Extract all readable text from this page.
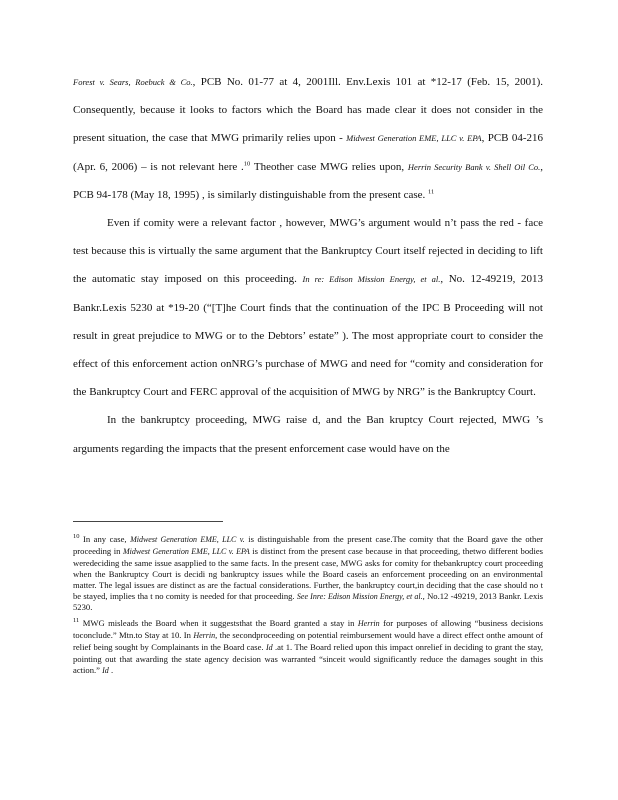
Forest v. Sears, Roebuck & Co., PCB No. 01-77 at 4, 2001Ill. Env.Lexis 101 at *12-17 (Feb. 15, 2001). Consequently, because it looks to factors which the Board has made clear it does not consider in the present situation, the case that MWG primarily relies upon - Midwest Generation EME, LLC v. EPA, PCB 04-216 (Apr. 6, 2006) – is not relevant here .$^{10}$ Theother case MWG relies upon, Herrin Security Bank v. Shell Oil Co., PCB 94-178 (May 18, 1995) , is similarly distinguishable from the present case. $^{11}$

Even if comity were a relevant factor , however, MWG’s argument would n’t pass the red - face test because this is virtually the same argument that the Bankruptcy Court itself rejected in deciding to lift the automatic stay imposed on this proceeding. In re: Edison Mission Energy, et al., No. 12-49219, 2013 Bankr.Lexis 5230 at *19-20 (“[T]he Court finds that the continuation of the IPC B Proceeding will not result in great prejudice to MWG or to the Debtors’ estate” ). The most appropriate court to consider the effect of this enforcement action onNRG’s purchase of MWG and need for “comity and consideration for the Bankruptcy Court and FERC approval of the acquisition of MWG by NRG” is the Bankruptcy Court.

In the bankruptcy proceeding, MWG raise d, and the Ban kruptcy Court rejected, MWG ’s arguments regarding the impacts that the present enforcement case would have on the

$^{10}$ In any case, Midwest Generation EME, LLC v. is distinguishable from the present case.The comity that the Board gave the other proceeding in Midwest Generation EME, LLC v. EPA is distinct from the present case because in that proceeding, thetwo different bodies weredeciding the same issue asapplied to the same facts. In the present case, MWG asks for comity for thebankruptcy court proceeding when the Bankruptcy Court is decidi ng bankruptcy issues while the Board caseis an enforcement proceeding on an environmental matter. The legal issues are distinct as are the factual considerations. Further, the bankruptcy court,in deciding that the case should no t be stayed, implies tha t no comity is needed for that proceeding. See Inre: Edison Mission Energy, et al., No.12 -49219, 2013 Bankr. Lexis 5230.

$^{11}$ MWG misleads the Board when it suggeststhat the Board granted a stay in Herrin for purposes of allowing “business decisions toconclude.” Mtn.to Stay at 10. In Herrin, the secondproceeding on potential reimbursement would have a direct effect onthe amount of relief being sought by Complainants in the Board case. Id .at 1. The Board relied upon this impact onrelief in deciding to grant the stay, pointing out that awarding the state agency decision was warranted “sinceit would significantly reduce the damages sought in this action.” Id .
